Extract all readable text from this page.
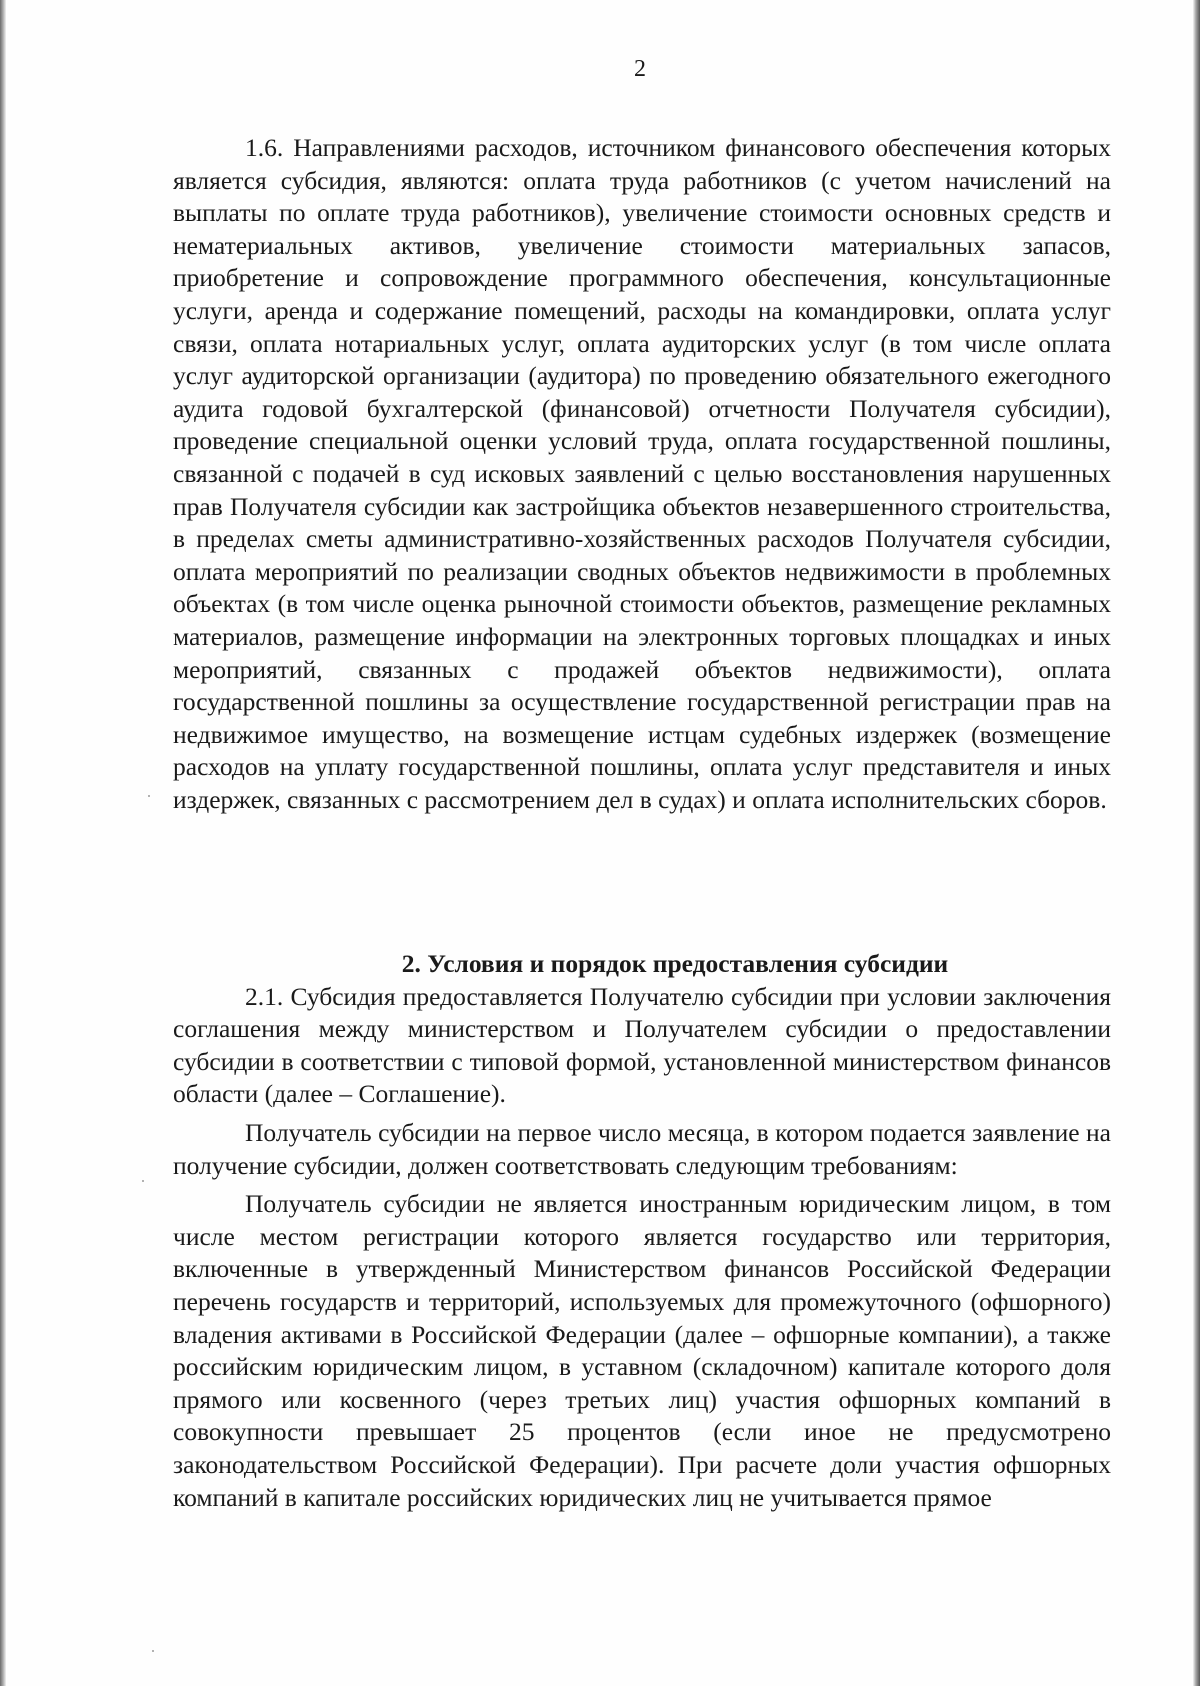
2

1.6. Направлениями расходов, источником финансового обеспечения которых является субсидия, являются: оплата труда работников (с учетом начислений на выплаты по оплате труда работников), увеличение стоимости основных средств и нематериальных активов, увеличение стоимости материальных запасов, приобретение и сопровождение программного обеспечения, консультационные услуги, аренда и содержание помещений, расходы на командировки, оплата услуг связи, оплата нотариальных услуг, оплата аудиторских услуг (в том числе оплата услуг аудиторской организации (аудитора) по проведению обязательного ежегодного аудита годовой бухгалтерской (финансовой) отчетности Получателя субсидии), проведение специальной оценки условий труда, оплата государственной пошлины, связанной с подачей в суд исковых заявлений с целью восстановления нарушенных прав Получателя субсидии как застройщика объектов незавершенного строительства, в пределах сметы административно-хозяйственных расходов Получателя субсидии, оплата мероприятий по реализации сводных объектов недвижимости в проблемных объектах (в том числе оценка рыночной стоимости объектов, размещение рекламных материалов, размещение информации на электронных торговых площадках и иных мероприятий, связанных с продажей объектов недвижимости), оплата государственной пошлины за осуществление государственной регистрации прав на недвижимое имущество, на возмещение истцам судебных издержек (возмещение расходов на уплату государственной пошлины, оплата услуг представителя и иных издержек, связанных с рассмотрением дел в судах) и оплата исполнительских сборов.

2. Условия и порядок предоставления субсидии

2.1. Субсидия предоставляется Получателю субсидии при условии заключения соглашения между министерством и Получателем субсидии о предоставлении субсидии в соответствии с типовой формой, установленной министерством финансов области (далее – Соглашение).

Получатель субсидии на первое число месяца, в котором подается заявление на получение субсидии, должен соответствовать следующим требованиям:

Получатель субсидии не является иностранным юридическим лицом, в том числе местом регистрации которого является государство или территория, включенные в утвержденный Министерством финансов Российской Федерации перечень государств и территорий, используемых для промежуточного (офшорного) владения активами в Российской Федерации (далее – офшорные компании), а также российским юридическим лицом, в уставном (складочном) капитале которого доля прямого или косвенного (через третьих лиц) участия офшорных компаний в совокупности превышает 25 процентов (если иное не предусмотрено законодательством Российской Федерации). При расчете доли участия офшорных компаний в капитале российских юридических лиц не учитывается прямое
